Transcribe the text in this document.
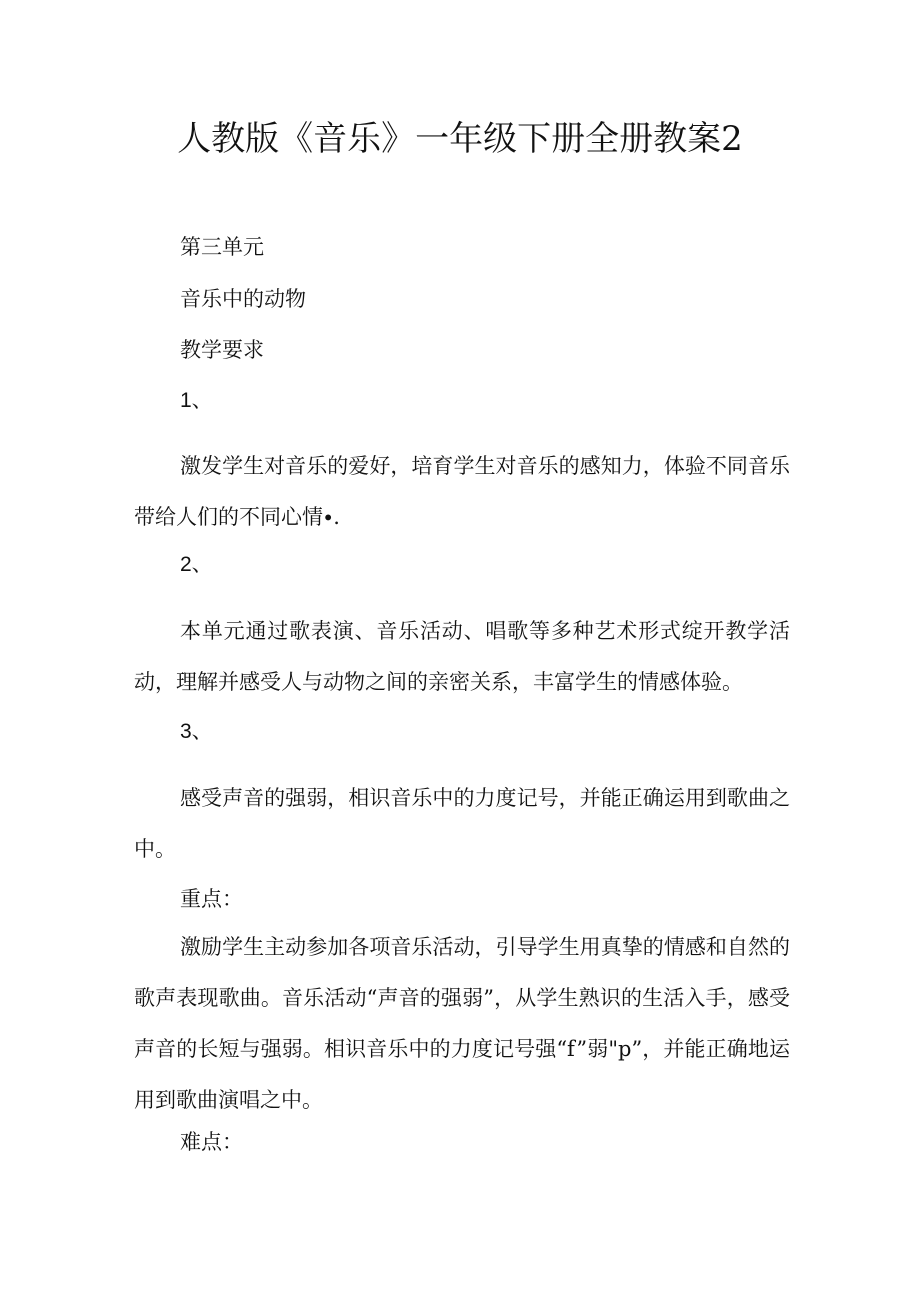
人教版《音乐》一年级下册全册教案2

第三单元

音乐中的动物

教学要求

1、

激发学生对音乐的爱好，培育学生对音乐的感知力，体验不同音乐带给人们的不同心情∙.

2、

本单元通过歌表演、音乐活动、唱歌等多种艺术形式绽开教学活动，理解并感受人与动物之间的亲密关系，丰富学生的情感体验。

3、

感受声音的强弱，相识音乐中的力度记号，并能正确运用到歌曲之中。

重点：

激励学生主动参加各项音乐活动，引导学生用真挚的情感和自然的歌声表现歌曲。音乐活动“声音的强弱”，从学生熟识的生活入手，感受声音的长短与强弱。相识音乐中的力度记号强“f”弱"p”，并能正确地运用到歌曲演唱之中。

难点：
